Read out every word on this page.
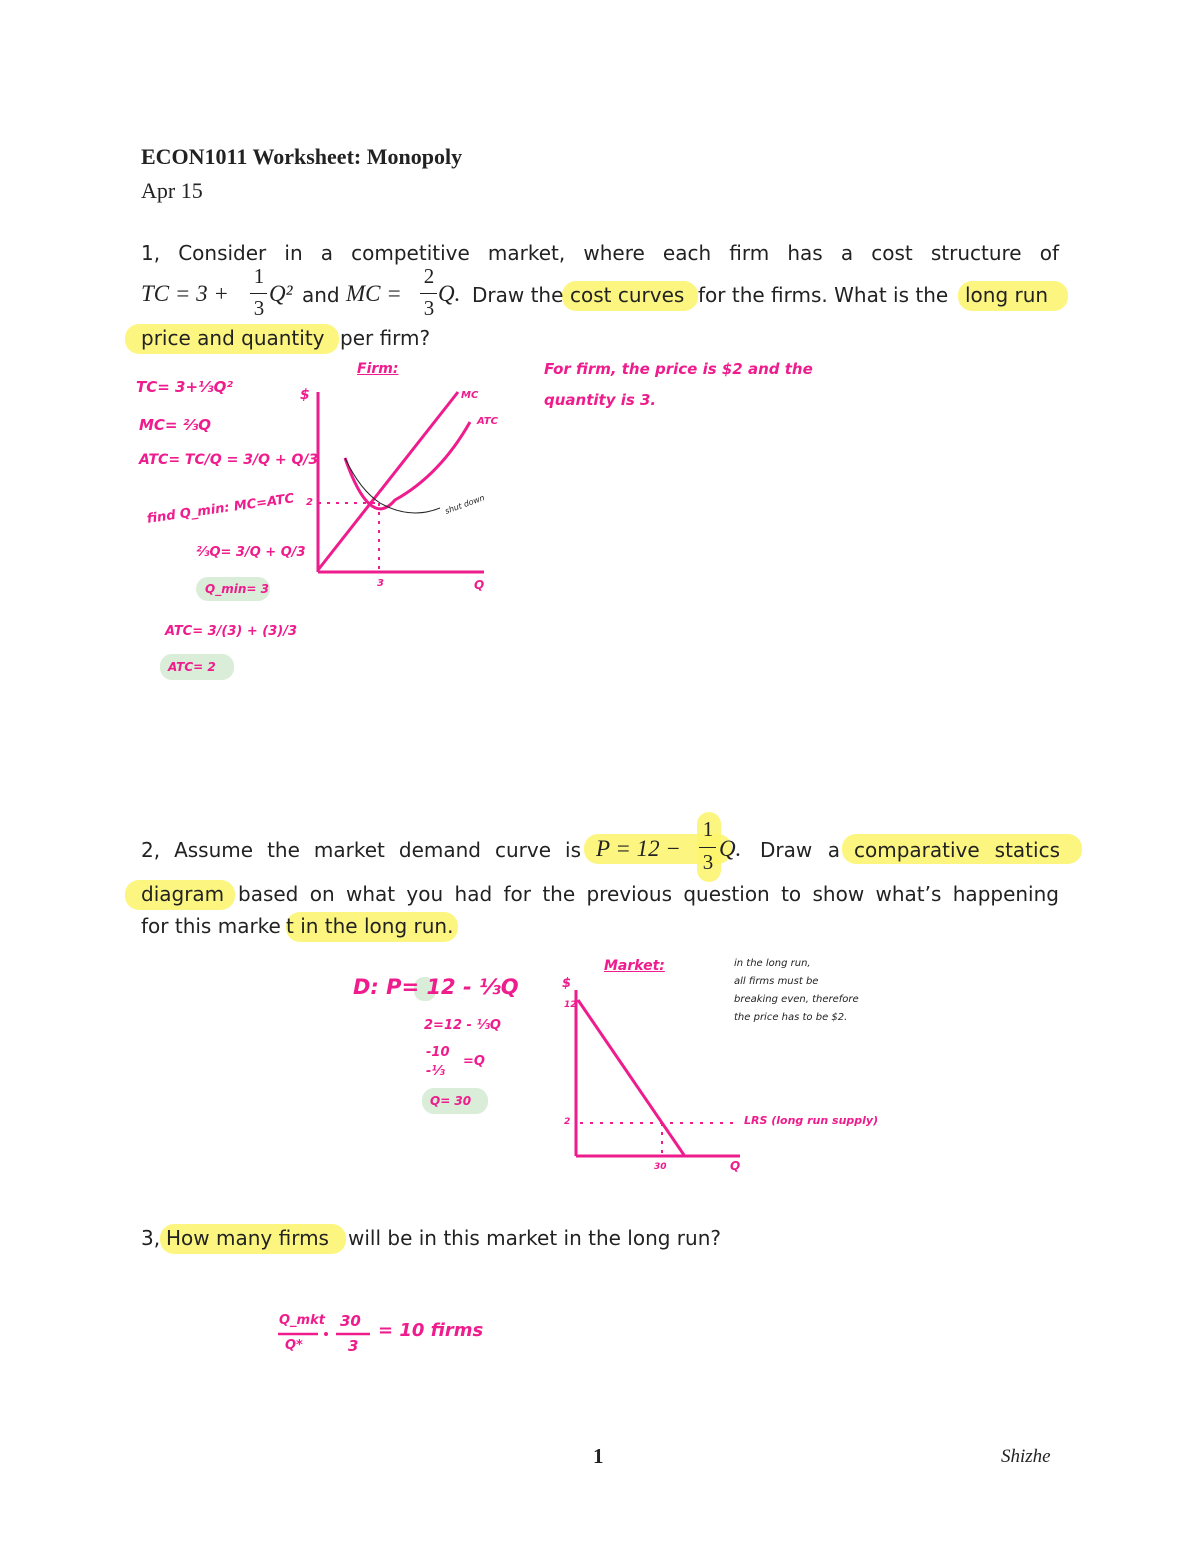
ECON1011 Worksheet: Monopoly
Apr 15
1, Consider in a competitive market, where each firm has a cost structure of
TC = 3 +
1
3
Q² and MC =
2
3
Q. Draw the cost curves for the firms. What is the long run
price and quantity per firm?
TC= 3+⅓Q²
MC= ⅔Q
ATC= TC/Q = 3/Q + Q/3
find Q_min: MC=ATC
⅔Q= 3/Q + Q/3
Q_min= 3
ATC= 3/(3) + (3)/3
ATC= 2
For firm, the price is $2 and the
quantity is 3.
Firm:
$
Q
MC
ATC
2
3
shut down
2, Assume the market demand curve is P = 12 −
1
3
Q. Draw a comparative statics
diagram based on what you had for the previous question to show what’s happening
for this marke t in the long run.
D: P= 12 - ⅓Q
2=12 - ⅓Q
-10
-⅓
=Q
Q= 30
Market:
$
Q
12
2
30
LRS (long run supply)
in the long run,
all firms must be
breaking even, therefore
the price has to be $2.
3, How many firms will be in this market in the long run?
Q_mkt
Q*
30
3
= 10 firms
1	Shizhe
